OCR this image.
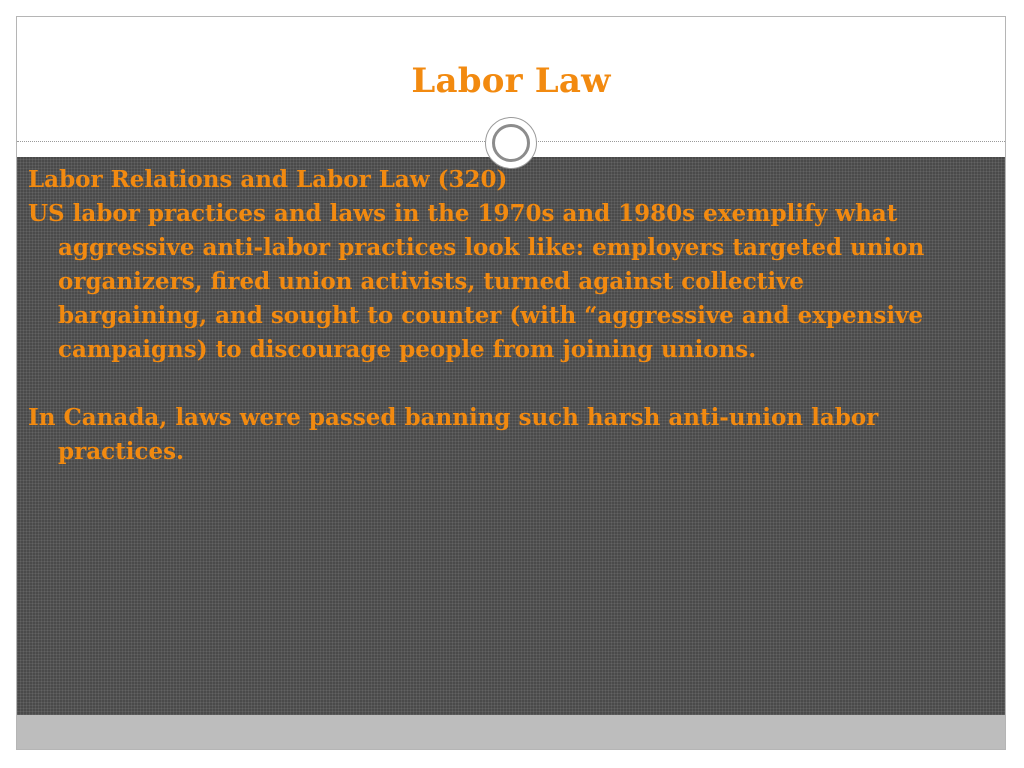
Labor Law

Labor Relations and Labor Law (320)

US labor practices and laws in the 1970s and 1980s exemplify what aggressive anti-labor practices look like: employers targeted union organizers, fired union activists, turned against collective bargaining, and sought to counter (with “aggressive and expensive campaigns) to discourage people from joining unions.

In Canada, laws were passed banning such harsh anti-union labor practices.
